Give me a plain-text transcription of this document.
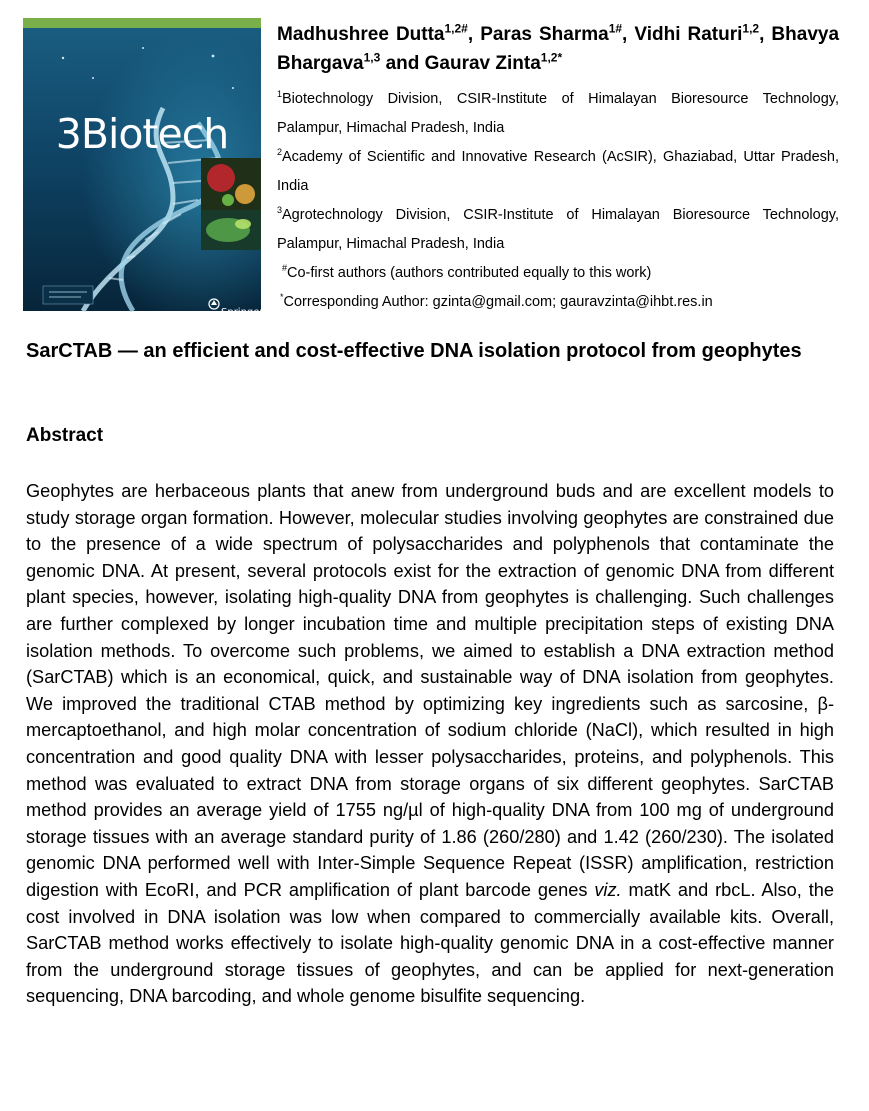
3Biotech
Springer
Madhushree Dutta$^{1,2\#}$, Paras Sharma$^{1\#}$, Vidhi Raturi$^{1,2}$, Bhavya Bhargava$^{1,3}$ and Gaurav Zinta$^{1,2*}$
$^1$Biotechnology Division, CSIR-Institute of Himalayan Bioresource Technology, Palampur, Himachal Pradesh, India
$^2$Academy of Scientific and Innovative Research (AcSIR), Ghaziabad, Uttar Pradesh, India
$^3$Agrotechnology Division, CSIR-Institute of Himalayan Bioresource Technology, Palampur, Himachal Pradesh, India
#Co-first authors (authors contributed equally to this work)
*Corresponding Author: gzinta@gmail.com; gauravzinta@ihbt.res.in
SarCTAB — an efficient and cost-effective DNA isolation protocol from geophytes
Abstract

Geophytes are herbaceous plants that anew from underground buds and are excellent models to study storage organ formation. However, molecular studies involving geophytes are constrained due to the presence of a wide spectrum of polysaccharides and polyphenols that contaminate the genomic DNA. At present, several protocols exist for the extraction of genomic DNA from different plant species, however, isolating high-quality DNA from geophytes is challenging. Such challenges are further complexed by longer incubation time and multiple precipitation steps of existing DNA isolation methods. To overcome such problems, we aimed to establish a DNA extraction method (SarCTAB) which is an economical, quick, and sustainable way of DNA isolation from geophytes. We improved the traditional CTAB method by optimizing key ingredients such as sarcosine, β-mercaptoethanol, and high molar concentration of sodium chloride (NaCl), which resulted in high concentration and good quality DNA with lesser polysaccharides, proteins, and polyphenols. This method was evaluated to extract DNA from storage organs of six different geophytes. SarCTAB method provides an average yield of 1755 ng/µl of high-quality DNA from 100 mg of underground storage tissues with an average standard purity of 1.86 (260/280) and 1.42 (260/230). The isolated genomic DNA performed well with Inter-Simple Sequence Repeat (ISSR) amplification, restriction digestion with EcoRI, and PCR amplification of plant barcode genes viz. matK and rbcL. Also, the cost involved in DNA isolation was low when compared to commercially available kits. Overall, SarCTAB method works effectively to isolate high-quality genomic DNA in a cost-effective manner from the underground storage tissues of geophytes, and can be applied for next-generation sequencing, DNA barcoding, and whole genome bisulfite sequencing.
